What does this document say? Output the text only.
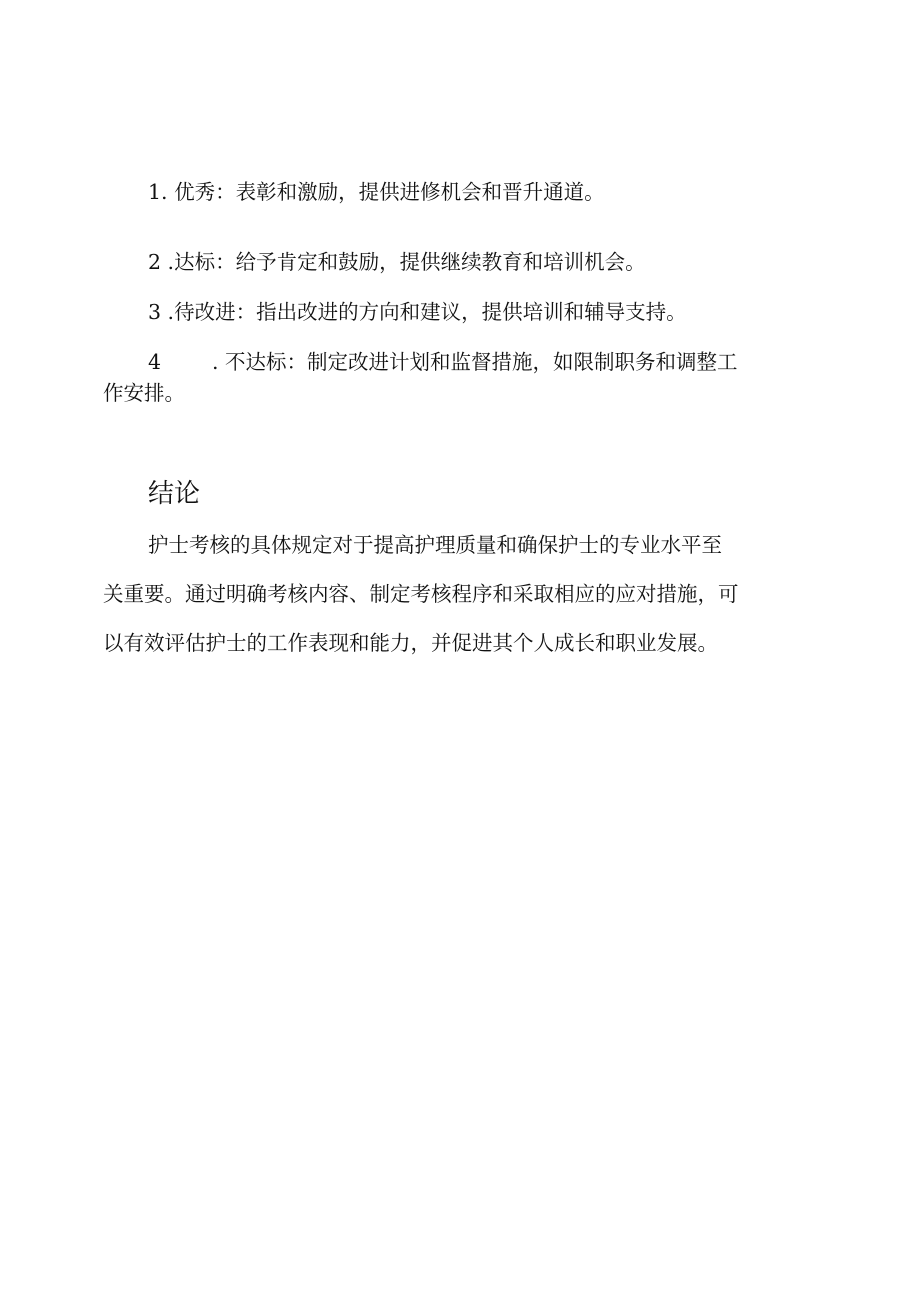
1. 优秀：表彰和激励，提供进修机会和晋升通道。
2 .达标：给予肯定和鼓励，提供继续教育和培训机会。
3 .待改进：指出改进的方向和建议，提供培训和辅导支持。
4 . 不达标：制定改进计划和监督措施，如限制职务和调整工
作安排。
结论
护士考核的具体规定对于提高护理质量和确保护士的专业水平至
关重要。通过明确考核内容、制定考核程序和采取相应的应对措施，可
以有效评估护士的工作表现和能力，并促进其个人成长和职业发展。
